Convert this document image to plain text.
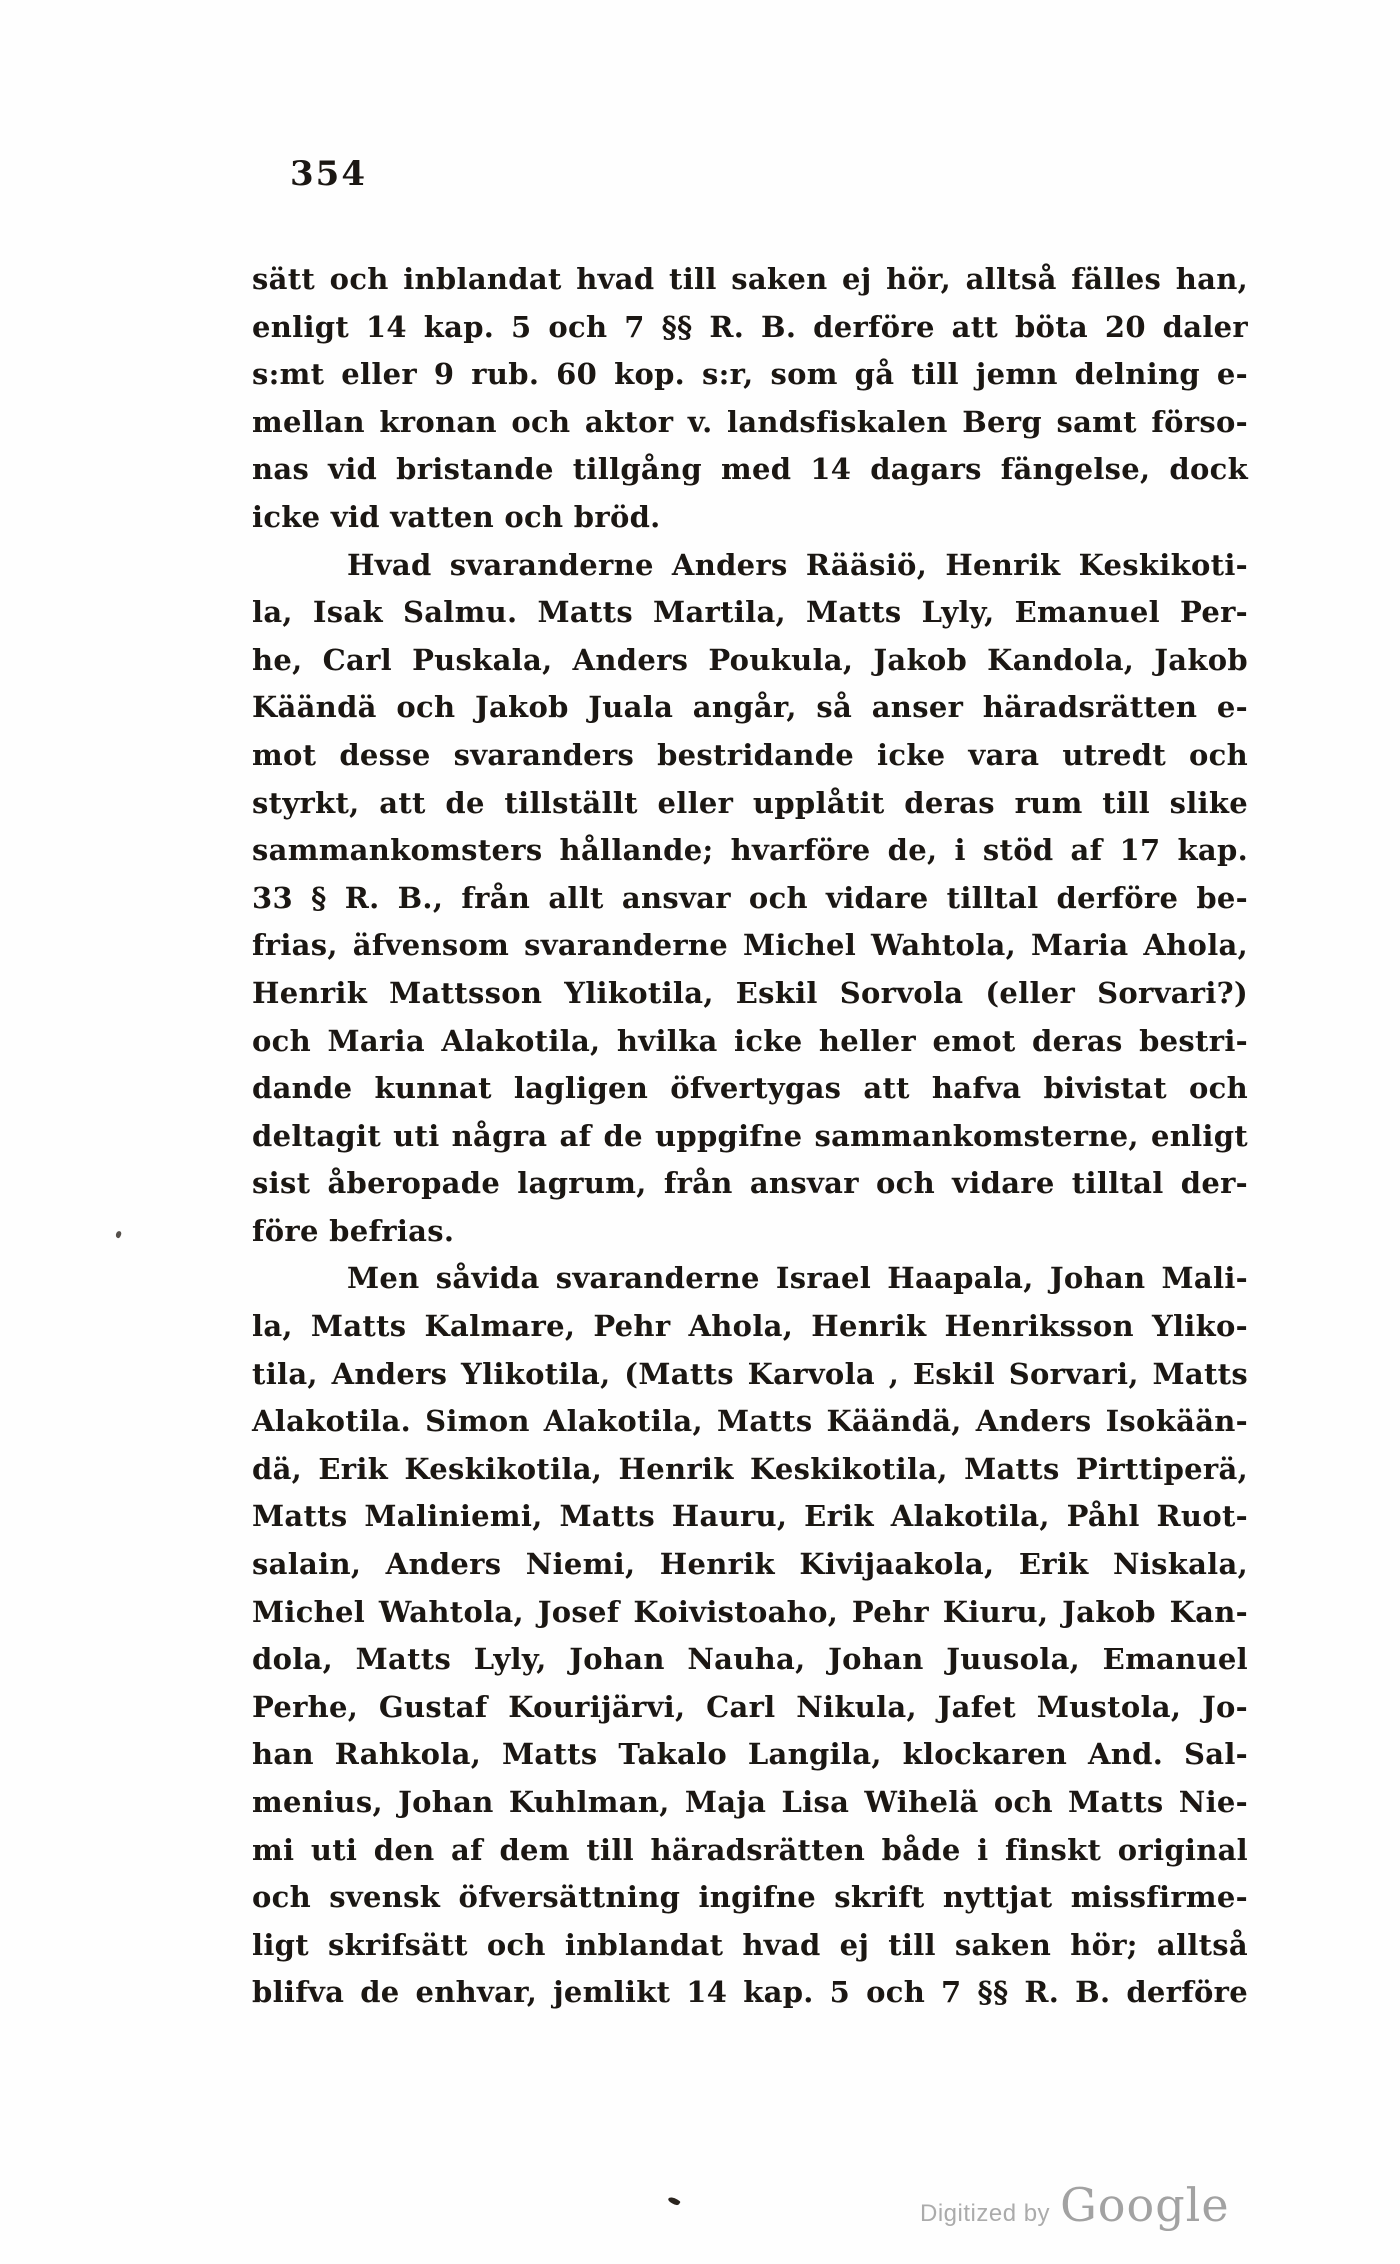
354
sätt och inblandat hvad till saken ej hör, alltså fälles han,
enligt 14 kap. 5 och 7 §§ R. B. derföre att böta 20 daler
s:mt eller 9 rub. 60 kop. s:r, som gå till jemn delning e-
mellan kronan och aktor v. landsfiskalen Berg samt förso-
nas vid bristande tillgång med 14 dagars fängelse, dock
icke vid vatten och bröd.
Hvad svaranderne Anders Rääsiö, Henrik Keskikoti-
la, Isak Salmu. Matts Martila, Matts Lyly, Emanuel Per-
he, Carl Puskala, Anders Poukula, Jakob Kandola, Jakob
Käändä och Jakob Juala angår, så anser häradsrätten e-
mot desse svaranders bestridande icke vara utredt och
styrkt, att de tillställt eller upplåtit deras rum till slike
sammankomsters hållande; hvarföre de, i stöd af 17 kap.
33 § R. B., från allt ansvar och vidare tilltal derföre be-
frias, äfvensom svaranderne Michel Wahtola, Maria Ahola,
Henrik Mattsson Ylikotila, Eskil Sorvola (eller Sorvari?)
och Maria Alakotila, hvilka icke heller emot deras bestri-
dande kunnat lagligen öfvertygas att hafva bivistat och
deltagit uti några af de uppgifne sammankomsterne, enligt
sist åberopade lagrum, från ansvar och vidare tilltal der-
före befrias.
Men såvida svaranderne Israel Haapala, Johan Mali-
la, Matts Kalmare, Pehr Ahola, Henrik Henriksson Yliko-
tila, Anders Ylikotila, (Matts Karvola , Eskil Sorvari, Matts
Alakotila. Simon Alakotila, Matts Käändä, Anders Isokään-
dä, Erik Keskikotila, Henrik Keskikotila, Matts Pirttiperä,
Matts Maliniemi, Matts Hauru, Erik Alakotila, Påhl Ruot-
salain, Anders Niemi, Henrik Kivijaakola, Erik Niskala,
Michel Wahtola, Josef Koivistoaho, Pehr Kiuru, Jakob Kan-
dola, Matts Lyly, Johan Nauha, Johan Juusola, Emanuel
Perhe, Gustaf Kourijärvi, Carl Nikula, Jafet Mustola, Jo-
han Rahkola, Matts Takalo Langila, klockaren And. Sal-
menius, Johan Kuhlman, Maja Lisa Wihelä och Matts Nie-
mi uti den af dem till häradsrätten både i finskt original
och svensk öfversättning ingifne skrift nyttjat missfirme-
ligt skrifsätt och inblandat hvad ej till saken hör; alltså
blifva de enhvar, jemlikt 14 kap. 5 och 7 §§ R. B. derföre
Digitized by Google
